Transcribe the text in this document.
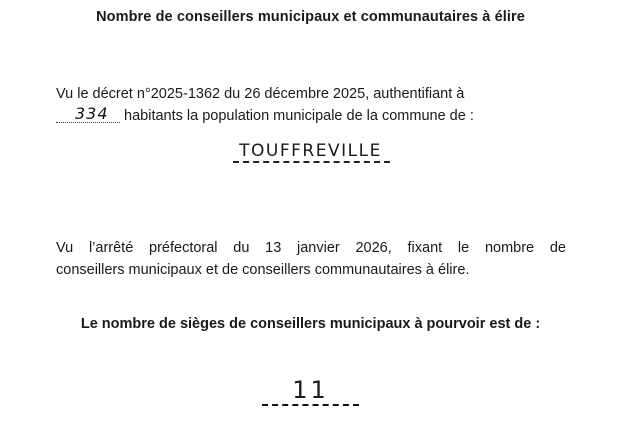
Nombre de conseillers municipaux et communautaires à élire
Vu le décret n°2025-1362 du 26 décembre 2025, authentifiant à
334 habitants la population municipale de la commune de :
TOUFFREVILLE
Vu l’arrêté préfectoral du 13 janvier 2026, fixant le nombre de
conseillers municipaux et de conseillers communautaires à élire.
Le nombre de sièges de conseillers municipaux à pourvoir est de :
11
